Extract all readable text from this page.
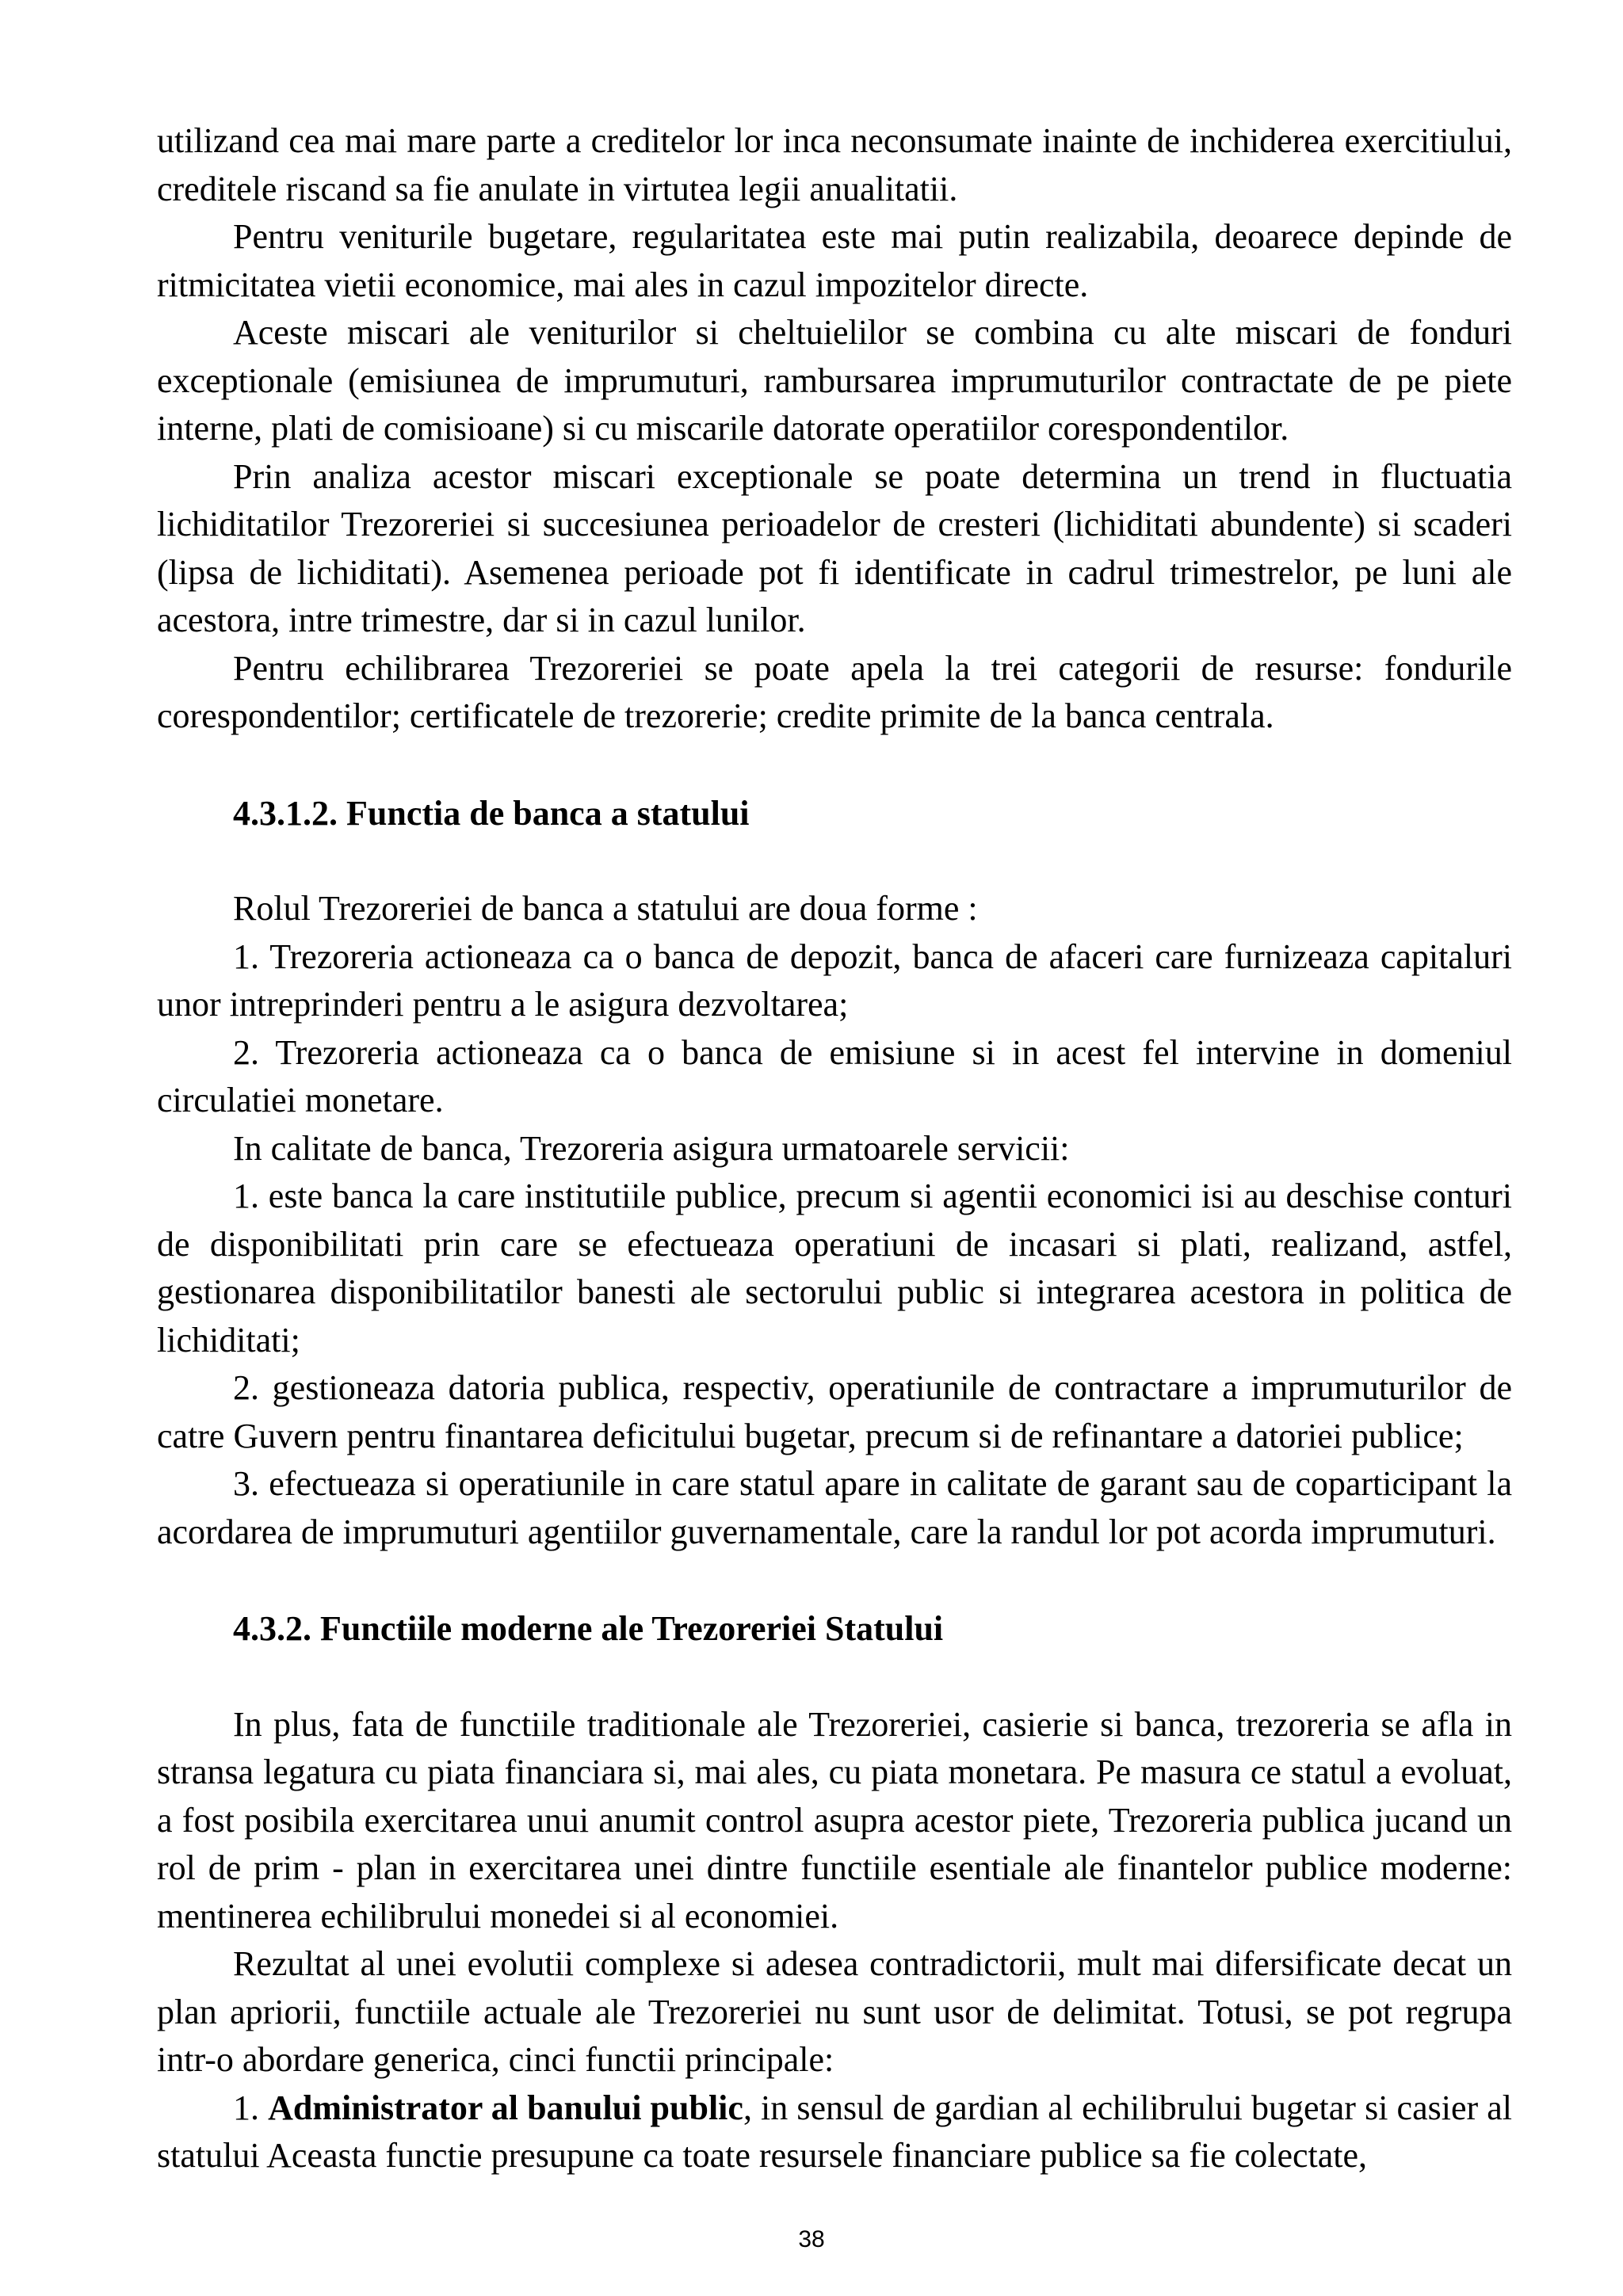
utilizand cea mai mare parte a creditelor lor inca neconsumate inainte de inchiderea exercitiului, creditele riscand sa fie anulate in virtutea legii anualitatii.

Pentru veniturile bugetare, regularitatea este mai putin realizabila, deoarece depinde de ritmicitatea vietii economice, mai ales in cazul impozitelor directe.

Aceste miscari ale veniturilor si cheltuielilor se combina cu alte miscari de fonduri exceptionale (emisiunea de imprumuturi, rambursarea imprumuturilor contractate de pe piete interne, plati de comisioane) si cu miscarile datorate operatiilor corespondentilor.

Prin analiza acestor miscari exceptionale se poate determina un trend in fluctuatia lichiditatilor Trezoreriei si succesiunea perioadelor de cresteri (lichiditati abundente) si scaderi (lipsa de lichiditati). Asemenea perioade pot fi identificate in cadrul trimestrelor, pe luni ale acestora, intre trimestre, dar si in cazul lunilor.

Pentru echilibrarea Trezoreriei se poate apela la trei categorii de resurse: fondurile corespondentilor; certificatele de trezorerie; credite primite de la banca centrala.

4.3.1.2. Functia de banca a statului

Rolul Trezoreriei de banca a statului are doua forme :

1. Trezoreria actioneaza ca o banca de depozit, banca de afaceri care furnizeaza capitaluri unor intreprinderi pentru a le asigura dezvoltarea;

2. Trezoreria actioneaza ca o banca de emisiune si in acest fel intervine in domeniul circulatiei monetare.

In calitate de banca, Trezoreria asigura urmatoarele servicii:

1. este banca la care institutiile publice, precum si agentii economici isi au deschise conturi de disponibilitati prin care se efectueaza operatiuni de incasari si plati, realizand, astfel, gestionarea disponibilitatilor banesti ale sectorului public si integrarea acestora in politica de lichiditati;

2. gestioneaza datoria publica, respectiv, operatiunile de contractare a imprumuturilor de catre Guvern pentru finantarea deficitului bugetar, precum si de refinantare a datoriei publice;

3. efectueaza si operatiunile in care statul apare in calitate de garant sau de coparticipant la acordarea de imprumuturi agentiilor guvernamentale, care la randul lor pot acorda imprumuturi.

4.3.2. Functiile moderne ale Trezoreriei Statului

In plus, fata de functiile traditionale ale Trezoreriei, casierie si banca, trezoreria se afla in stransa legatura cu piata financiara si, mai ales, cu piata monetara. Pe masura ce statul a evoluat, a fost posibila exercitarea unui anumit control asupra acestor piete, Trezoreria publica jucand un rol de prim - plan in exercitarea unei dintre functiile esentiale ale finantelor publice moderne: mentinerea echilibrului monedei si al economiei.

Rezultat al unei evolutii complexe si adesea contradictorii, mult mai difersificate decat un plan apriorii, functiile actuale ale Trezoreriei nu sunt usor de delimitat. Totusi, se pot regrupa intr-o abordare generica, cinci functii principale:

1. Administrator al banului public, in sensul de gardian al echilibrului bugetar si casier al statului Aceasta functie presupune ca toate resursele financiare publice sa fie colectate,

38
